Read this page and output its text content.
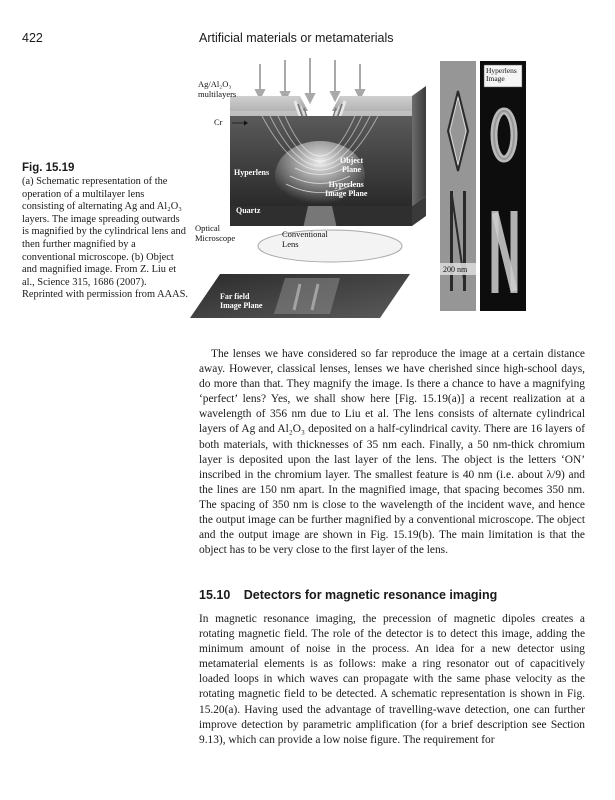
422	Artificial materials or metamaterials
Ag/Al₂O₃
multilayers
Cr
Hyperlens
Object
Plane
Hyperlens
Image Plane
Quartz
Optical
Microscope	Conventional
Lens
Far field
Image Plane
Hyperlens
Image
200 nm

Fig. 15.19

(a) Schematic representation of the operation of a multilayer lens consisting of alternating Ag and Al₂O₃ layers. The image spreading outwards is magnified by the cylindrical lens and then further magnified by a conventional microscope. (b) Object and magnified image. From Z. Liu et al., Science 315, 1686 (2007). Reprinted with permission from AAAS.

The lenses we have considered so far reproduce the image at a certain distance away. However, classical lenses, lenses we have cherished since high-school days, do more than that. They magnify the image. Is there a chance to have a magnifying ‘perfect’ lens? Yes, we shall show here [Fig. 15.19(a)] a recent realization at a wavelength of 356 nm due to Liu et al. The lens consists of alternate cylindrical layers of Ag and Al₂O₃ deposited on a half-cylindrical cavity. There are 16 layers of both materials, with thicknesses of 35 nm each. Finally, a 50 nm-thick chromium layer is deposited upon the last layer of the lens. The object is the letters ‘ON’ inscribed in the chromium layer. The smallest feature is 40 nm (i.e. about λ/9) and the lines are 150 nm apart. In the magnified image, that spacing becomes 350 nm. The spacing of 350 nm is close to the wavelength of the incident wave, and hence the output image can be further magnified by a conventional microscope. The object and the output image are shown in Fig. 15.19(b). The main limitation is that the object has to be very close to the first layer of the lens.

15.10 Detectors for magnetic resonance imaging

In magnetic resonance imaging, the precession of magnetic dipoles creates a rotating magnetic field. The role of the detector is to detect this image, adding the minimum amount of noise in the process. An idea for a new detector using metamaterial elements is as follows: make a ring resonator out of capacitively loaded loops in which waves can propagate with the same phase velocity as the rotating magnetic field to be detected. A schematic representation is shown in Fig. 15.20(a). Having used the advantage of travelling-wave detection, one can further improve detection by parametric amplification (for a brief description see Section 9.13), which can provide a low noise figure. The requirement for
